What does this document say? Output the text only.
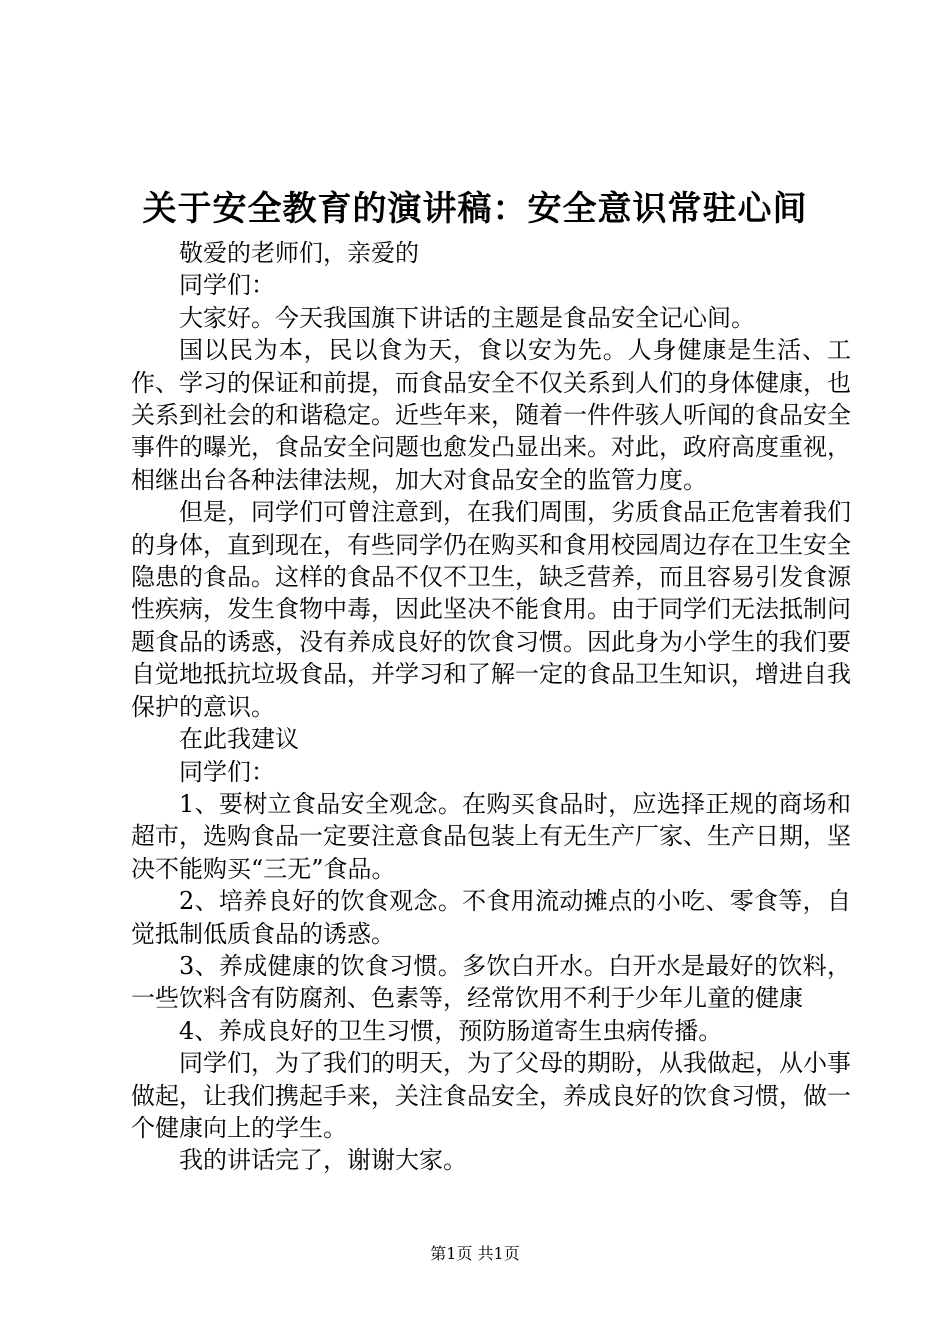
关于安全教育的演讲稿：安全意识常驻心间

敬爱的老师们，亲爱的

同学们：

大家好。今天我国旗下讲话的主题是食品安全记心间。

国以民为本，民以食为天，食以安为先。人身健康是生活、工作、学习的保证和前提，而食品安全不仅关系到人们的身体健康，也关系到社会的和谐稳定。近些年来，随着一件件骇人听闻的食品安全事件的曝光，食品安全问题也愈发凸显出来。对此，政府高度重视，相继出台各种法律法规，加大对食品安全的监管力度。

但是，同学们可曾注意到，在我们周围，劣质食品正危害着我们的身体，直到现在，有些同学仍在购买和食用校园周边存在卫生安全隐患的食品。这样的食品不仅不卫生，缺乏营养，而且容易引发食源性疾病，发生食物中毒，因此坚决不能食用。由于同学们无法抵制问题食品的诱惑，没有养成良好的饮食习惯。因此身为小学生的我们要自觉地抵抗垃圾食品，并学习和了解一定的食品卫生知识，增进自我保护的意识。

在此我建议

同学们：

1、要树立食品安全观念。在购买食品时，应选择正规的商场和超市，选购食品一定要注意食品包装上有无生产厂家、生产日期，坚决不能购买“三无”食品。

2、培养良好的饮食观念。不食用流动摊点的小吃、零食等，自觉抵制低质食品的诱惑。

3、养成健康的饮食习惯。多饮白开水。白开水是最好的饮料，一些饮料含有防腐剂、色素等，经常饮用不利于少年儿童的健康

4、养成良好的卫生习惯，预防肠道寄生虫病传播。

同学们，为了我们的明天，为了父母的期盼，从我做起，从小事做起，让我们携起手来，关注食品安全，养成良好的饮食习惯，做一个健康向上的学生。

我的讲话完了，谢谢大家。

第1页 共1页
